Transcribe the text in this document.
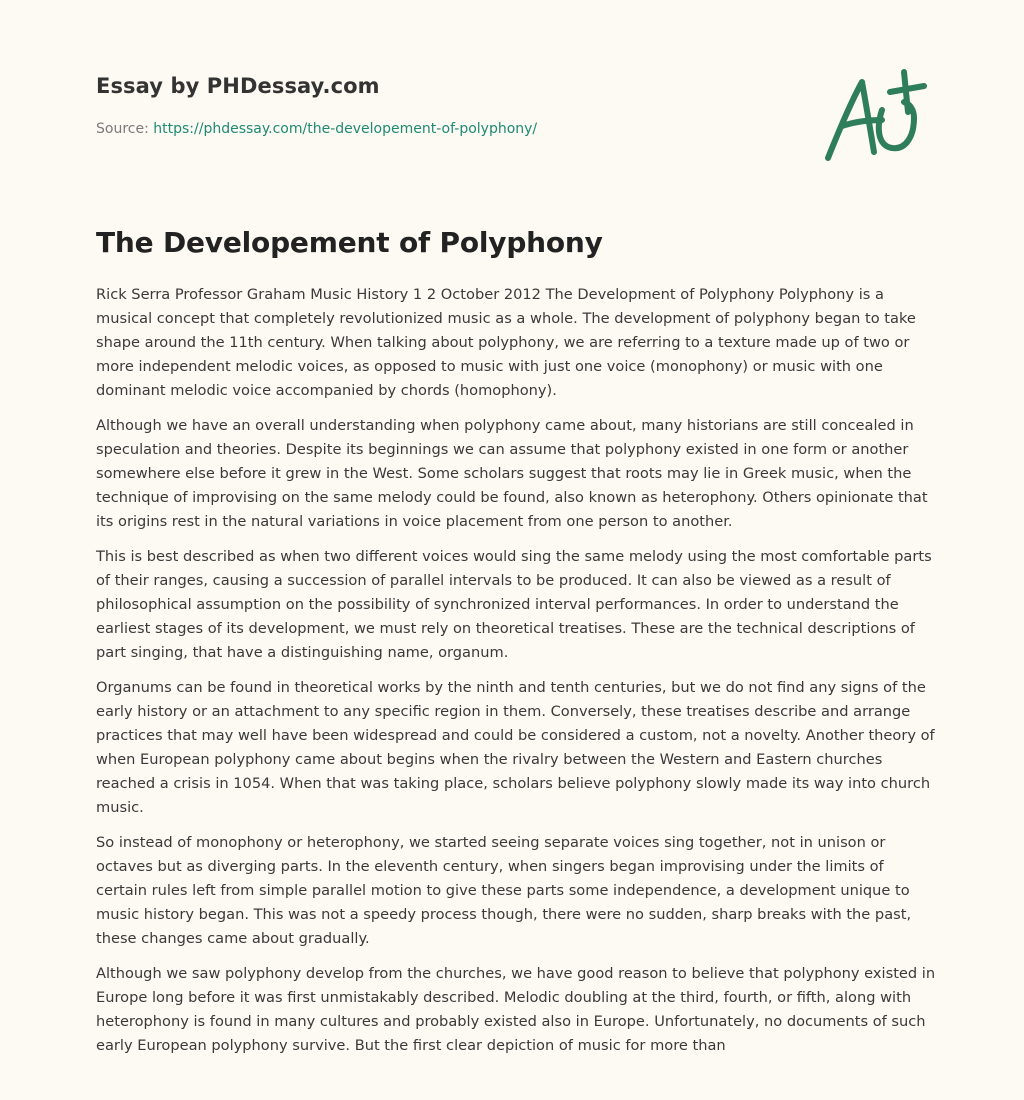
Essay by PHDessay.com
Source: https://phdessay.com/the-developement-of-polyphony/
The Developement of Polyphony

Rick Serra Professor Graham Music History 1 2 October 2012 The Development of Polyphony Polyphony is a musical concept that completely revolutionized music as a whole. The development of polyphony began to take shape around the 11th century. When talking about polyphony, we are referring to a texture made up of two or more independent melodic voices, as opposed to music with just one voice (monophony) or music with one dominant melodic voice accompanied by chords (homophony).

Although we have an overall understanding when polyphony came about, many historians are still concealed in speculation and theories. Despite its beginnings we can assume that polyphony existed in one form or another somewhere else before it grew in the West. Some scholars suggest that roots may lie in Greek music, when the technique of improvising on the same melody could be found, also known as heterophony. Others opinionate that its origins rest in the natural variations in voice placement from one person to another.

This is best described as when two different voices would sing the same melody using the most comfortable parts of their ranges, causing a succession of parallel intervals to be produced. It can also be viewed as a result of philosophical assumption on the possibility of synchronized interval performances. In order to understand the earliest stages of its development, we must rely on theoretical treatises. These are the technical descriptions of part singing, that have a distinguishing name, organum.

Organums can be found in theoretical works by the ninth and tenth centuries, but we do not find any signs of the early history or an attachment to any specific region in them. Conversely, these treatises describe and arrange practices that may well have been widespread and could be considered a custom, not a novelty. Another theory of when European polyphony came about begins when the rivalry between the Western and Eastern churches reached a crisis in 1054. When that was taking place, scholars believe polyphony slowly made its way into church music.

So instead of monophony or heterophony, we started seeing separate voices sing together, not in unison or octaves but as diverging parts. In the eleventh century, when singers began improvising under the limits of certain rules left from simple parallel motion to give these parts some independence, a development unique to music history began. This was not a speedy process though, there were no sudden, sharp breaks with the past, these changes came about gradually.

Although we saw polyphony develop from the churches, we have good reason to believe that polyphony existed in Europe long before it was first unmistakably described. Melodic doubling at the third, fourth, or fifth, along with heterophony is found in many cultures and probably existed also in Europe. Unfortunately, no documents of such early European polyphony survive. But the first clear depiction of music for more than
